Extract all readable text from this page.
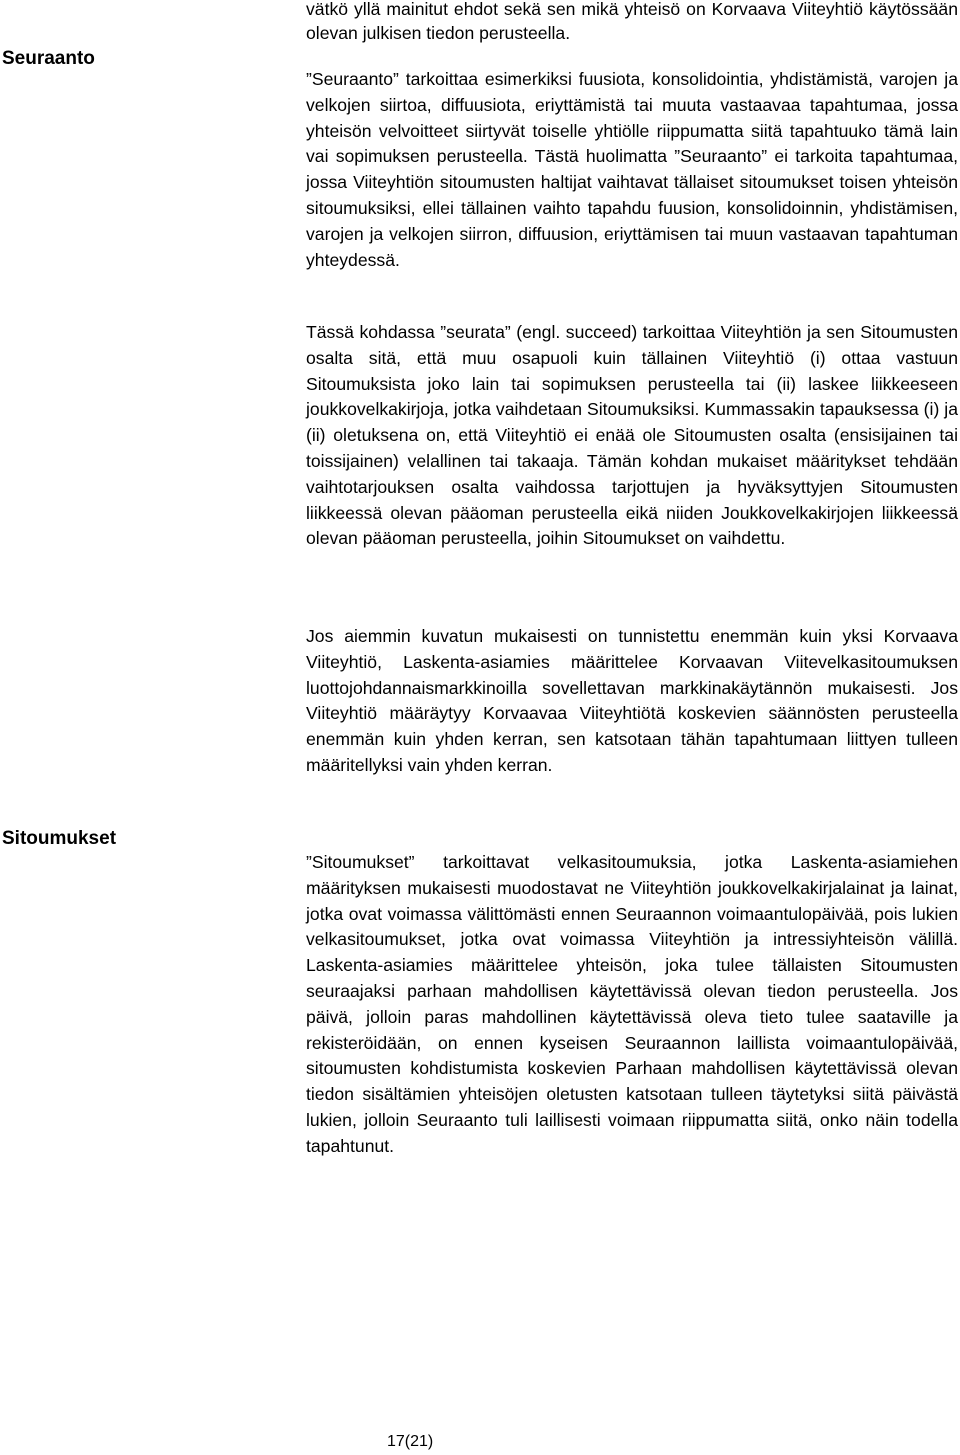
Seuraanto
Sitoumukset

vätkö yllä mainitut ehdot sekä sen mikä yhteisö on Korvaava Viiteyhtiö käytössään olevan julkisen tiedon perusteella.

”Seuraanto” tarkoittaa esimerkiksi fuusiota, konsolidointia, yhdistämistä, varojen ja velkojen siirtoa, diffuusiota, eriyttämistä tai muuta vastaavaa tapahtumaa, jossa yhteisön velvoitteet siirtyvät toiselle yhtiölle riippumatta siitä tapahtuuko tämä lain vai sopimuksen perusteella. Tästä huolimatta ”Seuraanto” ei tarkoita tapahtumaa, jossa Viiteyhtiön sitoumusten haltijat vaihtavat tällaiset sitoumukset toisen yhteisön sitoumuksiksi, ellei tällainen vaihto tapahdu fuusion, konsolidoinnin, yhdistämisen, varojen ja velkojen siirron, diffuusion, eriyttämisen tai muun vastaavan tapahtuman yhteydessä.

Tässä kohdassa ”seurata” (engl. succeed) tarkoittaa Viiteyhtiön ja sen Sitoumusten osalta sitä, että muu osapuoli kuin tällainen Viiteyhtiö (i) ottaa vastuun Sitoumuksista joko lain tai sopimuksen perusteella tai (ii) laskee liikkeeseen joukkovelkakirjoja, jotka vaihdetaan Sitoumuksiksi. Kummassakin tapauksessa (i) ja (ii) oletuksena on, että Viiteyhtiö ei enää ole Sitoumusten osalta (ensisijainen tai toissijainen) velallinen tai takaaja. Tämän kohdan mukaiset määritykset tehdään vaihtotarjouksen osalta vaihdossa tarjottujen ja hyväksyttyjen Sitoumusten liikkeessä olevan pääoman perusteella eikä niiden Joukkovelkakirjojen liikkeessä olevan pääoman perusteella, joihin Sitoumukset on vaihdettu.

Jos aiemmin kuvatun mukaisesti on tunnistettu enemmän kuin yksi Korvaava Viiteyhtiö, Laskenta-asiamies määrittelee Korvaavan Viitevelkasitoumuksen luottojohdannaismarkkinoilla sovellettavan markkinakäytännön mukaisesti. Jos Viiteyhtiö määräytyy Korvaavaa Viiteyhtiötä koskevien säännösten perusteella enemmän kuin yhden kerran, sen katsotaan tähän tapahtumaan liittyen tulleen määritellyksi vain yhden kerran.

”Sitoumukset” tarkoittavat velkasitoumuksia, jotka Laskenta-asiamiehen määrityksen mukaisesti muodostavat ne Viiteyhtiön joukkovelkakirjalainat ja lainat, jotka ovat voimassa välittömästi ennen Seuraannon voimaantulopäivää, pois lukien velkasitoumukset, jotka ovat voimassa Viiteyhtiön ja intressiyhteisön välillä. Laskenta-asiamies määrittelee yhteisön, joka tulee tällaisten Sitoumusten seuraajaksi parhaan mahdollisen käytettävissä olevan tiedon perusteella. Jos päivä, jolloin paras mahdollinen käytettävissä oleva tieto tulee saataville ja rekisteröidään, on ennen kyseisen Seuraannon laillista voimaantulopäivää, sitoumusten kohdistumista koskevien Parhaan mahdollisen käytettävissä olevan tiedon sisältämien yhteisöjen oletusten katsotaan tulleen täytetyksi siitä päivästä lukien, jolloin Seuraanto tuli laillisesti voimaan riippumatta siitä, onko näin todella tapahtunut.

17(21)
